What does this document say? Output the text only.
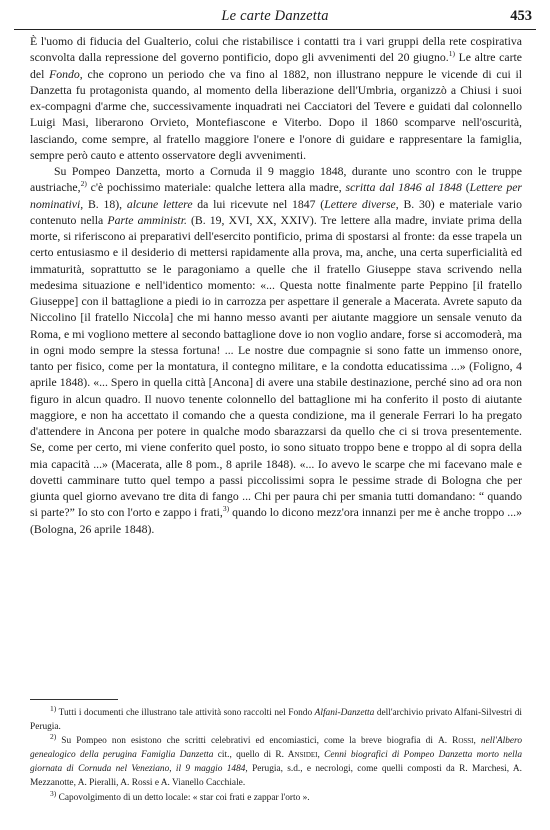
Le carte Danzetta	453

È l'uomo di fiducia del Gualterio, colui che ristabilisce i contatti tra i vari gruppi della rete cospirativa sconvolta dalla repressione del governo pontificio, dopo gli avvenimenti del 20 giugno.$^{1)}$ Le altre carte del Fondo, che coprono un periodo che va fino al 1882, non illustrano neppure le vicende di cui il Danzetta fu protagonista quando, al momento della liberazione dell'Umbria, organizzò a Chiusi i suoi ex-compagni d'arme che, successivamente inquadrati nei Cacciatori del Tevere e guidati dal colonnello Luigi Masi, liberarono Orvieto, Montefiascone e Viterbo. Dopo il 1860 scomparve nell'oscurità, lasciando, come sempre, al fratello maggiore l'onere e l'onore di guidare e rappresentare la famiglia, sempre però cauto e attento osservatore degli avvenimenti.

Su Pompeo Danzetta, morto a Cornuda il 9 maggio 1848, durante uno scontro con le truppe austriache,$^{2)}$ c'è pochissimo materiale: qualche lettera alla madre, scritta dal 1846 al 1848 (Lettere per nominativi, B. 18), alcune lettere da lui ricevute nel 1847 (Lettere diverse, B. 30) e materiale vario contenuto nella Parte amministr. (B. 19, XVI, XX, XXIV). Tre lettere alla madre, inviate prima della morte, si riferiscono ai preparativi dell'esercito pontificio, prima di spostarsi al fronte: da esse trapela un certo entusiasmo e il desiderio di mettersi rapidamente alla prova, ma, anche, una certa superficialità ed immaturità, soprattutto se le paragoniamo a quelle che il fratello Giuseppe stava scrivendo nella medesima situazione e nell'identico momento: «... Questa notte finalmente parte Peppino [il fratello Giuseppe] con il battaglione a piedi io in carrozza per aspettare il generale a Macerata. Avrete saputo da Niccolino [il fratello Niccola] che mi hanno messo avanti per aiutante maggiore un sensale venuto da Roma, e mi vogliono mettere al secondo battaglione dove io non voglio andare, forse si accomoderà, ma in ogni modo sempre la stessa fortuna! ... Le nostre due compagnie si sono fatte un immenso onore, tanto per fisico, come per la montatura, il contegno militare, e la condotta educatissima ...» (Foligno, 4 aprile 1848). «... Spero in quella città [Ancona] di avere una stabile destinazione, perché sino ad ora non figuro in alcun quadro. Il nuovo tenente colonnello del battaglione mi ha conferito il posto di aiutante maggiore, e non ha accettato il comando che a questa condizione, ma il generale Ferrari lo ha pregato d'attendere in Ancona per potere in qualche modo sbarazzarsi da quello che ci si trova presentemente. Se, come per certo, mi viene conferito quel posto, io sono situato troppo bene e troppo al di sopra della mia capacità ...» (Macerata, alle 8 pom., 8 aprile 1848). «... Io avevo le scarpe che mi facevano male e dovetti camminare tutto quel tempo a passi piccolissimi sopra le pessime strade di Bologna che per giunta quel giorno avevano tre dita di fango ... Chi per paura chi per smania tutti domandano: “ quando si parte?” Io sto con l'orto e zappo i frati,$^{3)}$ quando lo dicono mezz'ora innanzi per me è anche troppo ...» (Bologna, 26 aprile 1848).

$^{1)}$ Tutti i documenti che illustrano tale attività sono raccolti nel Fondo Alfani-Danzetta dell'archivio privato Alfani-Silvestri di Perugia.

$^{2)}$ Su Pompeo non esistono che scritti celebrativi ed encomiastici, come la breve biografia di A. Rossi, nell'Albero genealogico della perugina Famiglia Danzetta cit., quello di R. Ansidei, Cenni biografici di Pompeo Danzetta morto nella giornata di Cornuda nel Veneziano, il 9 maggio 1484, Perugia, s.d., e necrologi, come quelli composti da R. Marchesi, A. Mezzanotte, A. Pieralli, A. Rossi e A. Vianello Cacchiale.

$^{3)}$ Capovolgimento di un detto locale: « star coi frati e zappar l'orto ».
